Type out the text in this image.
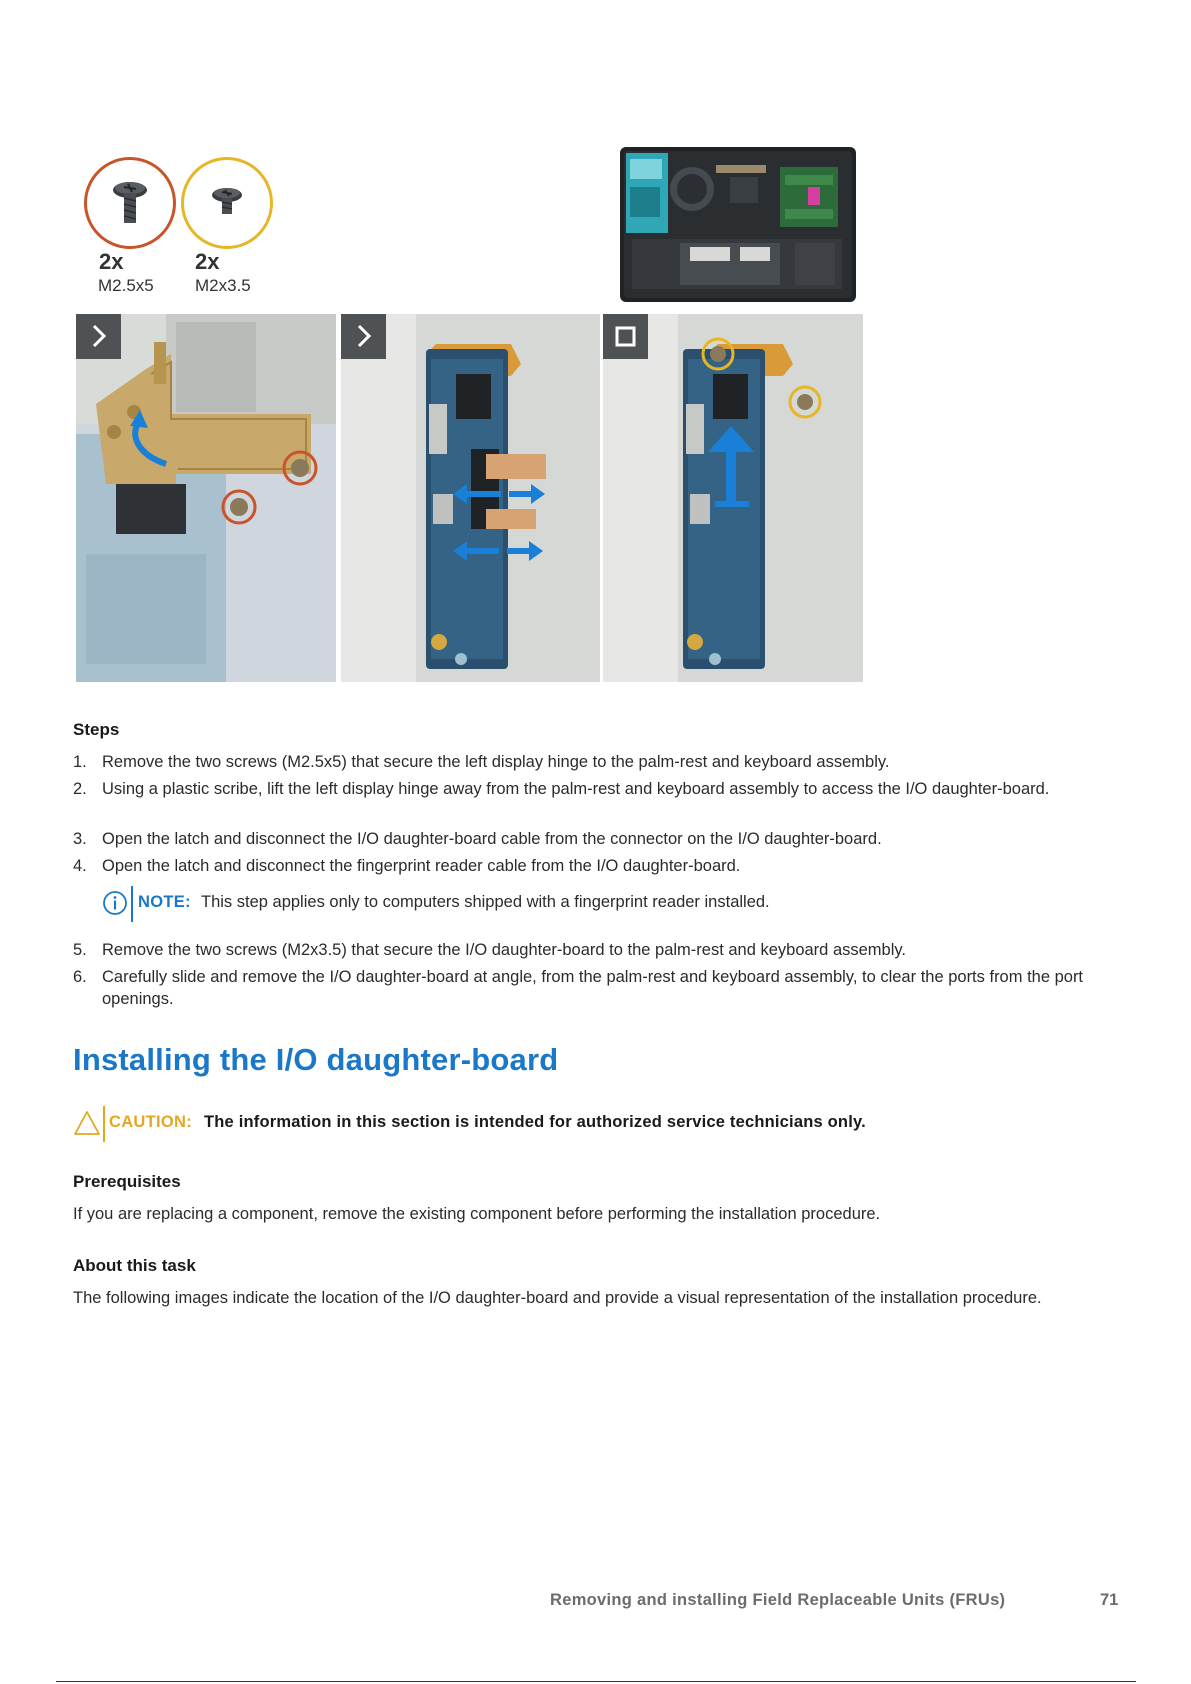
2x
M2.5x5
2x
M2x3.5
Steps
1. Remove the two screws (M2.5x5) that secure the left display hinge to the palm-rest and keyboard assembly.
2. Using a plastic scribe, lift the left display hinge away from the palm-rest and keyboard assembly to access the I/O daughter-board.
3. Open the latch and disconnect the I/O daughter-board cable from the connector on the I/O daughter-board.
4. Open the latch and disconnect the fingerprint reader cable from the I/O daughter-board.
NOTE: This step applies only to computers shipped with a fingerprint reader installed.
5. Remove the two screws (M2x3.5) that secure the I/O daughter-board to the palm-rest and keyboard assembly.
6. Carefully slide and remove the I/O daughter-board at angle, from the palm-rest and keyboard assembly, to clear the ports from the port openings.
Installing the I/O daughter-board
CAUTION: The information in this section is intended for authorized service technicians only.
Prerequisites
If you are replacing a component, remove the existing component before performing the installation procedure.
About this task
The following images indicate the location of the I/O daughter-board and provide a visual representation of the installation procedure.
Removing and installing Field Replaceable Units (FRUs)	71
